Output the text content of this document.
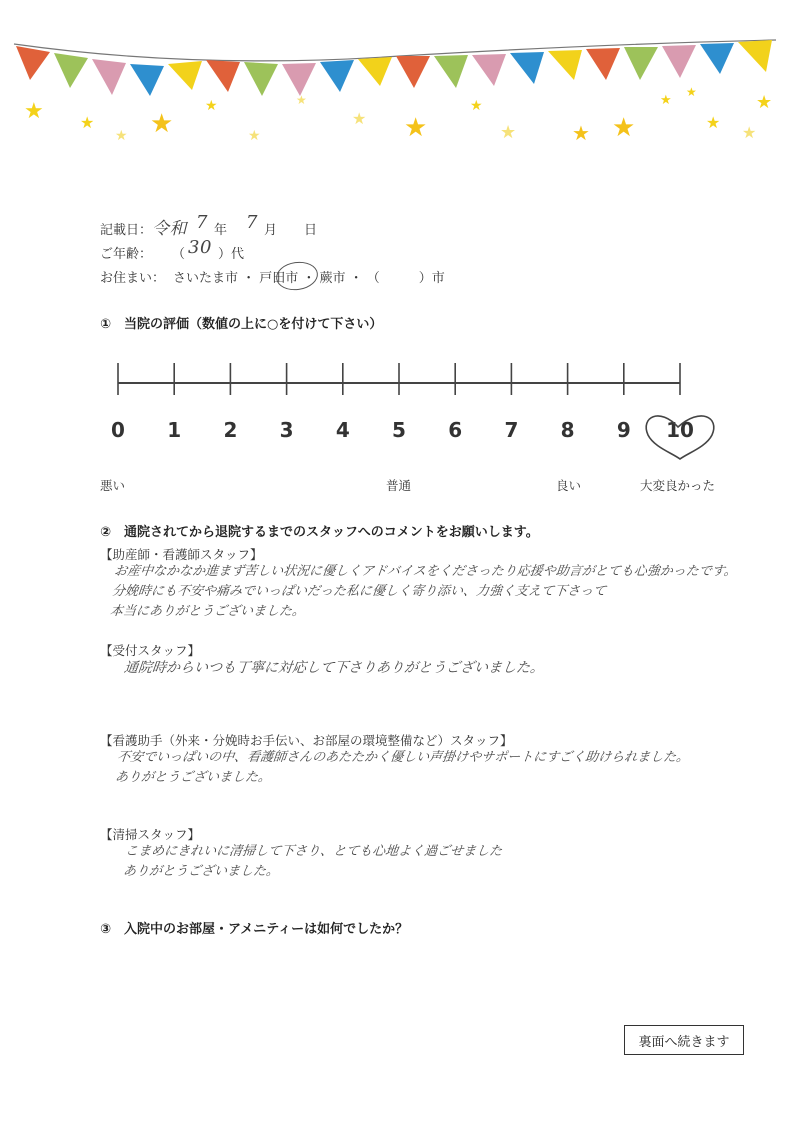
★ ★
★ ★
★
★
★ ★
★
★	★ ★
★
★
★
★
★
★
記載日： 令和 7 年 7 月 日
ご年齢： （ 30 ）代
お住まい： さいたま市 ・ 戸田市 ・ 蕨市 ・ （　　　）市
①　当院の評価（数値の上に○を付けて下さい）
0 1 2 3 4 5 6 7 8 9 10
悪い	普通	良い	大変良かった
②　通院されてから退院するまでのスタッフへのコメントをお願いします。
【助産師・看護師スタッフ】
お産中なかなか進まず苦しい状況に優しくアドバイスをくださったり応援や助言がとても心強かったです。
分娩時にも不安や痛みでいっぱいだった私に優しく寄り添い、力強く支えて下さって
本当にありがとうございました。
【受付スタッフ】
通院時からいつも丁寧に対応して下さりありがとうございました。
【看護助手（外来・分娩時お手伝い、お部屋の環境整備など）スタッフ】
不安でいっぱいの中、看護師さんのあたたかく優しい声掛けやサポートにすごく助けられました。
ありがとうございました。
【清掃スタッフ】
こまめにきれいに清掃して下さり、とても心地よく過ごせました
ありがとうございました。
③　入院中のお部屋・アメニティーは如何でしたか？
裏面へ続きます
